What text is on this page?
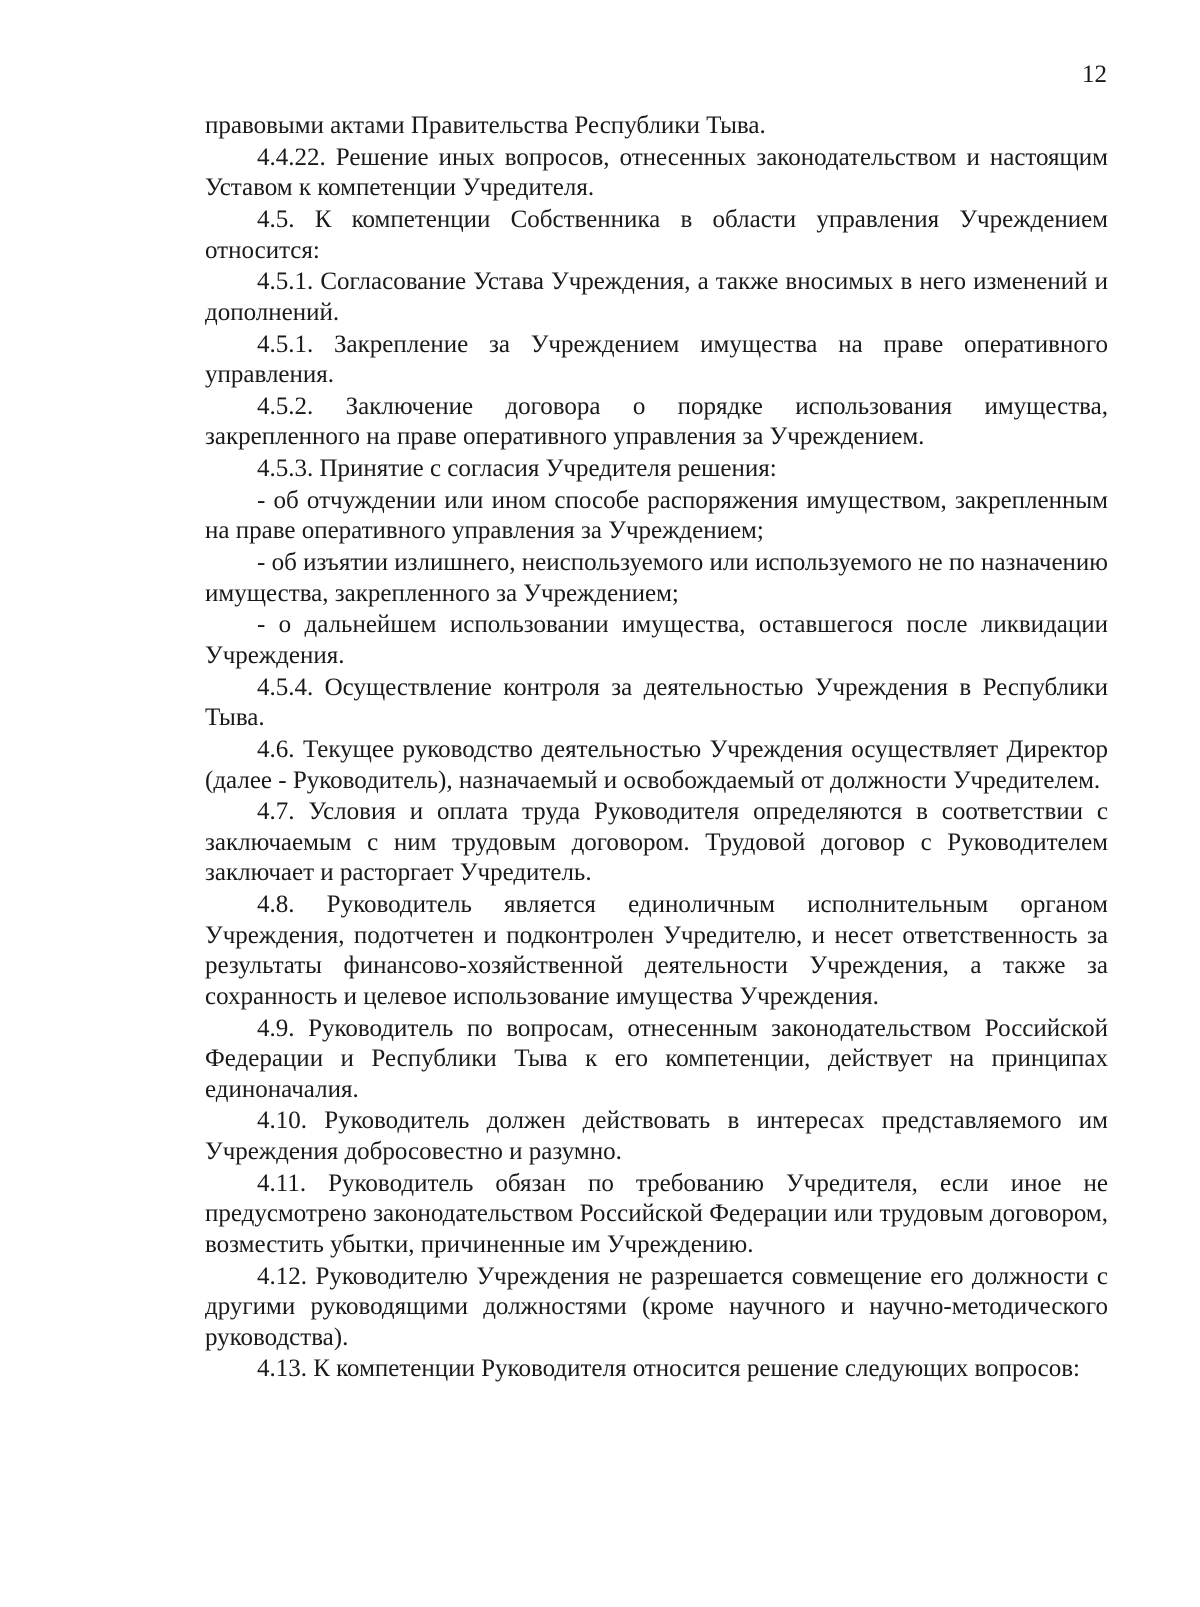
12

правовыми актами Правительства Республики Тыва.

4.4.22. Решение иных вопросов, отнесенных законодательством и настоящим Уставом к компетенции Учредителя.

4.5. К компетенции Собственника в области управления Учреждением относится:

4.5.1. Согласование Устава Учреждения, а также вносимых в него изменений и дополнений.

4.5.1. Закрепление за Учреждением имущества на праве оперативного управления.

4.5.2. Заключение договора о порядке использования имущества, закрепленного на праве оперативного управления за Учреждением.

4.5.3. Принятие с согласия Учредителя решения:

- об отчуждении или ином способе распоряжения имуществом, закрепленным на праве оперативного управления за Учреждением;

- об изъятии излишнего, неиспользуемого или используемого не по назначению имущества, закрепленного за Учреждением;

- о дальнейшем использовании имущества, оставшегося после ликвидации Учреждения.

4.5.4. Осуществление контроля за деятельностью Учреждения в Республики Тыва.

4.6. Текущее руководство деятельностью Учреждения осуществляет Директор (далее - Руководитель), назначаемый и освобождаемый от должности Учредителем.

4.7. Условия и оплата труда Руководителя определяются в соответствии с заключаемым с ним трудовым договором. Трудовой договор с Руководителем заключает и расторгает Учредитель.

4.8. Руководитель является единоличным исполнительным органом Учреждения, подотчетен и подконтролен Учредителю, и несет ответственность за результаты финансово-хозяйственной деятельности Учреждения, а также за сохранность и целевое использование имущества Учреждения.

4.9. Руководитель по вопросам, отнесенным законодательством Российской Федерации и Республики Тыва к его компетенции, действует на принципах единоначалия.

4.10. Руководитель должен действовать в интересах представляемого им Учреждения добросовестно и разумно.

4.11. Руководитель обязан по требованию Учредителя, если иное не предусмотрено законодательством Российской Федерации или трудовым договором, возместить убытки, причиненные им Учреждению.

4.12. Руководителю Учреждения не разрешается совмещение его должности с другими руководящими должностями (кроме научного и научно-методического руководства).

4.13. К компетенции Руководителя относится решение следующих вопросов:
